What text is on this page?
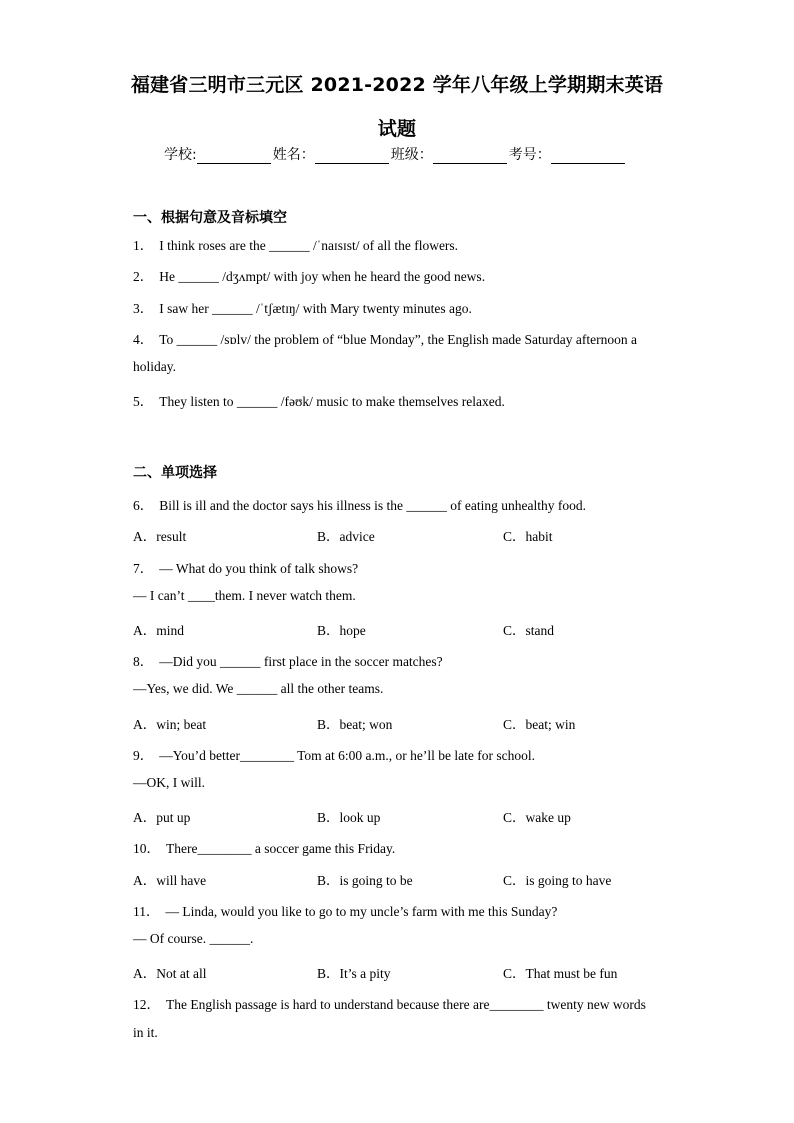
福建省三明市三元区 2021-2022 学年八年级上学期期末英语
试题
学校:	姓名：	班级：	考号：
一、根据句意及音标填空
1． I think roses are the ______ /ˈnaɪsɪst/ of all the flowers.
2． He ______ /dʒʌmpt/ with joy when he heard the good news.
3． I saw her ______ /ˈtʃætɪŋ/ with Mary twenty minutes ago.
4． To ______ /sɒlv/ the problem of “blue Monday”, the English made Saturday afternoon a
holiday.
5． They listen to ______ /fəʊk/ music to make themselves relaxed.
二、单项选择
6． Bill is ill and the doctor says his illness is the ______ of eating unhealthy food.
A．result	B．advice	C．habit
7． — What do you think of talk shows?
— I can’t ____them. I never watch them.
A．mind	B．hope	C．stand
8． —Did you ______ first place in the soccer matches?
—Yes, we did. We ______ all the other teams.
A．win; beat	B．beat; won	C．beat; win
9． —You’d better________ Tom at 6:00 a.m., or he’ll be late for school.
—OK, I will.
A．put up	B．look up	C．wake up
10． There________ a soccer game this Friday.
A．will have	B．is going to be	C．is going to have
11． — Linda, would you like to go to my uncle’s farm with me this Sunday?
— Of course. ______.
A．Not at all	B．It’s a pity	C．That must be fun
12． The English passage is hard to understand because there are________ twenty new words
in it.
